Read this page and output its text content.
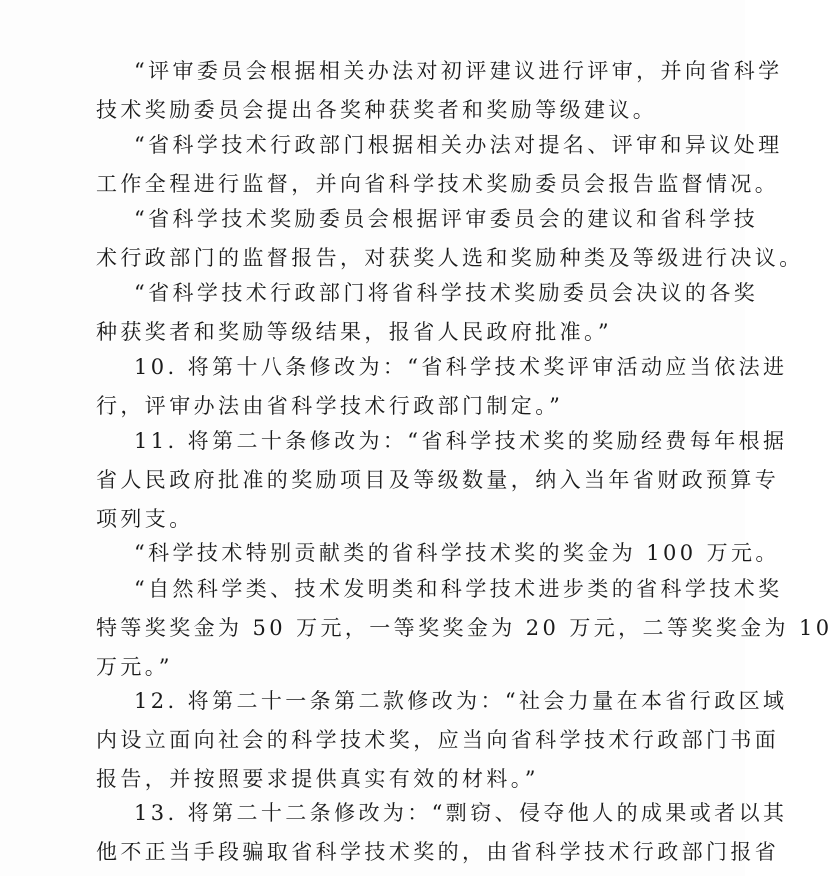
“评审委员会根据相关办法对初评建议进行评审，并向省科学
技术奖励委员会提出各奖种获奖者和奖励等级建议。

“省科学技术行政部门根据相关办法对提名、评审和异议处理
工作全程进行监督，并向省科学技术奖励委员会报告监督情况。

“省科学技术奖励委员会根据评审委员会的建议和省科学技
术行政部门的监督报告，对获奖人选和奖励种类及等级进行决议。

“省科学技术行政部门将省科学技术奖励委员会决议的各奖
种获奖者和奖励等级结果，报省人民政府批准。”

10. 将第十八条修改为：“省科学技术奖评审活动应当依法进
行，评审办法由省科学技术行政部门制定。”

11. 将第二十条修改为：“省科学技术奖的奖励经费每年根据
省人民政府批准的奖励项目及等级数量，纳入当年省财政预算专
项列支。

“科学技术特别贡献类的省科学技术奖的奖金为 100 万元。

“自然科学类、技术发明类和科学技术进步类的省科学技术奖
特等奖奖金为 50 万元，一等奖奖金为 20 万元，二等奖奖金为 10
万元。”

12. 将第二十一条第二款修改为：“社会力量在本省行政区域
内设立面向社会的科学技术奖，应当向省科学技术行政部门书面
报告，并按照要求提供真实有效的材料。”

13. 将第二十二条修改为：“剽窃、侵夺他人的成果或者以其
他不正当手段骗取省科学技术奖的，由省科学技术行政部门报省
